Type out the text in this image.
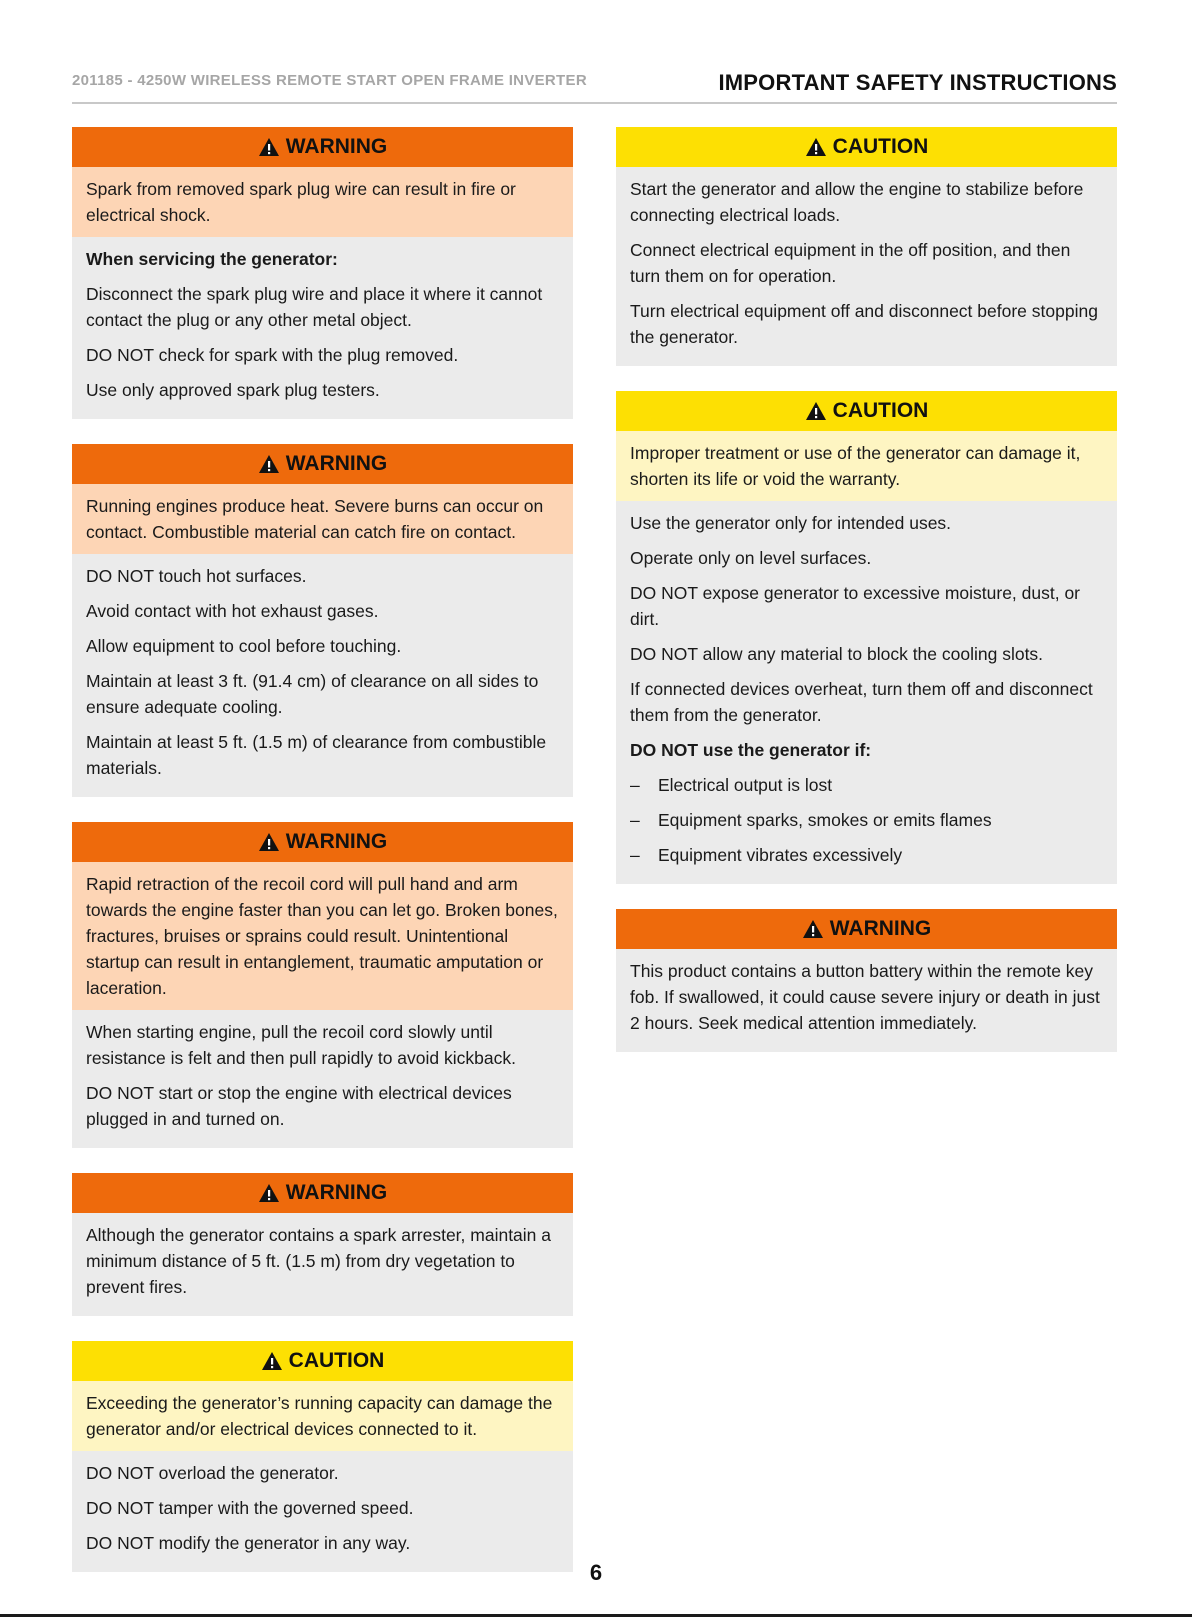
201185 - 4250W WIRELESS REMOTE START OPEN FRAME INVERTER	IMPORTANT SAFETY INSTRUCTIONS
WARNING
Spark from removed spark plug wire can result in fire or electrical shock.

When servicing the generator:

Disconnect the spark plug wire and place it where it cannot contact the plug or any other metal object.

DO NOT check for spark with the plug removed.

Use only approved spark plug testers.

WARNING
Running engines produce heat. Severe burns can occur on contact. Combustible material can catch fire on contact.

DO NOT touch hot surfaces.

Avoid contact with hot exhaust gases.

Allow equipment to cool before touching.

Maintain at least 3 ft. (91.4 cm) of clearance on all sides to ensure adequate cooling.

Maintain at least 5 ft. (1.5 m) of clearance from combustible materials.

WARNING
Rapid retraction of the recoil cord will pull hand and arm towards the engine faster than you can let go. Broken bones, fractures, bruises or sprains could result. Unintentional startup can result in entanglement, traumatic amputation or laceration.

When starting engine, pull the recoil cord slowly until resistance is felt and then pull rapidly to avoid kickback.

DO NOT start or stop the engine with electrical devices plugged in and turned on.

WARNING

Although the generator contains a spark arrester, maintain a minimum distance of 5 ft. (1.5 m) from dry vegetation to prevent fires.

CAUTION
Exceeding the generator’s running capacity can damage the generator and/or electrical devices connected to it.

DO NOT overload the generator.

DO NOT tamper with the governed speed.

DO NOT modify the generator in any way.

CAUTION

Start the generator and allow the engine to stabilize before connecting electrical loads.

Connect electrical equipment in the off position, and then turn them on for operation.

Turn electrical equipment off and disconnect before stopping the generator.

CAUTION
Improper treatment or use of the generator can damage it, shorten its life or void the warranty.

Use the generator only for intended uses.

Operate only on level surfaces.

DO NOT expose generator to excessive moisture, dust, or dirt.

DO NOT allow any material to block the cooling slots.

If connected devices overheat, turn them off and disconnect them from the generator.

DO NOT use the generator if:

–	Electrical output is lost
–	Equipment sparks, smokes or emits flames
–	Equipment vibrates excessively
WARNING

This product contains a button battery within the remote key fob. If swallowed, it could cause severe injury or death in just 2 hours. Seek medical attention immediately.

6
